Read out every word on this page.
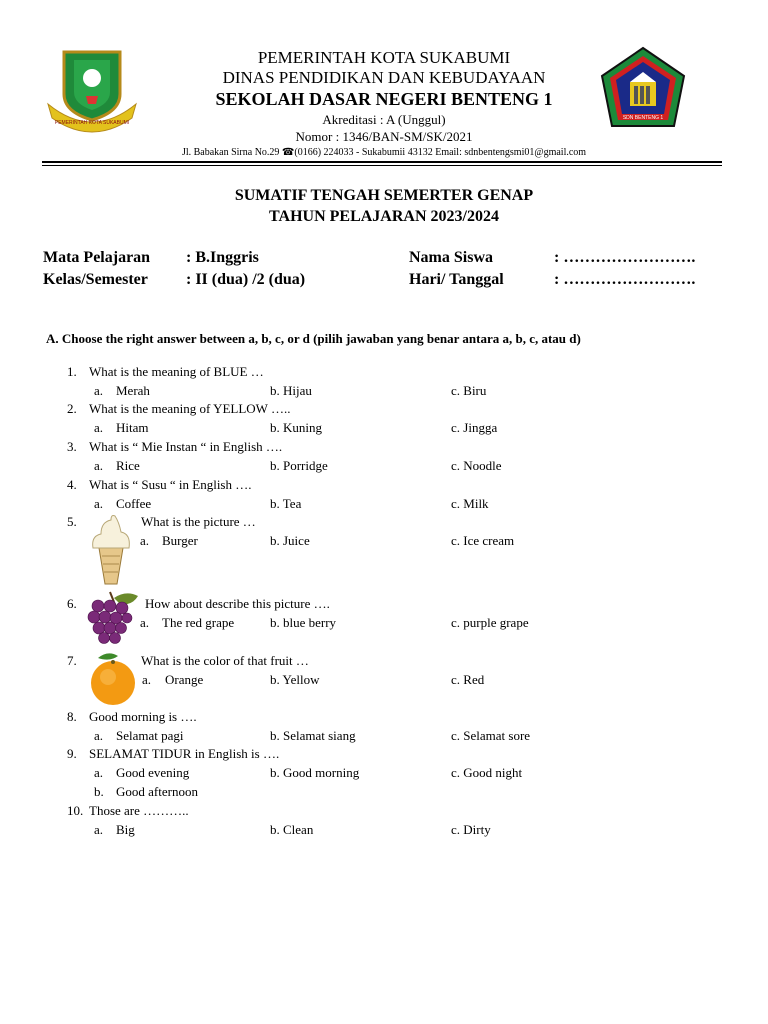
PEMERINTAH KOTA SUKABUMI
SDN BENTENG 1
PEMERINTAH KOTA SUKABUMI
DINAS PENDIDIKAN DAN KEBUDAYAAN
SEKOLAH DASAR NEGERI BENTENG 1
Akreditasi : A (Unggul)
Nomor : 1346/BAN-SM/SK/2021
Jl. Babakan Sirna No.29 ☎(0166) 224033 - Sukabumii 43132 Email: sdnbentengsmi01@gmail.com
SUMATIF TENGAH SEMERTER GENAP
TAHUN PELAJARAN 2023/2024
Mata Pelajaran : B.Inggris
Kelas/Semester : II (dua) /2 (dua)
Nama Siswa	: …………………….
Hari/ Tanggal	: …………………….
A. Choose the right answer between a, b, c, or d (pilih jawaban yang benar antara a, b, c, atau d)
1. What is the meaning of BLUE …
a. Merah	b. Hijau	c. Biru
2. What is the meaning of YELLOW …..
a. Hitam	b. Kuning	c. Jingga
3. What is “ Mie Instan “ in English ….
a. Rice	b. Porridge	c. Noodle
4. What is “ Susu “ in English ….
a. Coffee	b. Tea	c. Milk
5.	What is the picture …
a. Burger	b. Juice	c. Ice cream
6.	How about describe this picture ….
a. The red grape	b. blue berry	c. purple grape
7.	What is the color of that fruit …
a. Orange	b. Yellow	c. Red
8. Good morning is ….
a. Selamat pagi	b. Selamat siang	c. Selamat sore
9. SELAMAT TIDUR in English is ….
a. Good evening	b. Good morning	c. Good night
b. Good afternoon
10. Those are ………..
a. Big	b. Clean	c. Dirty
